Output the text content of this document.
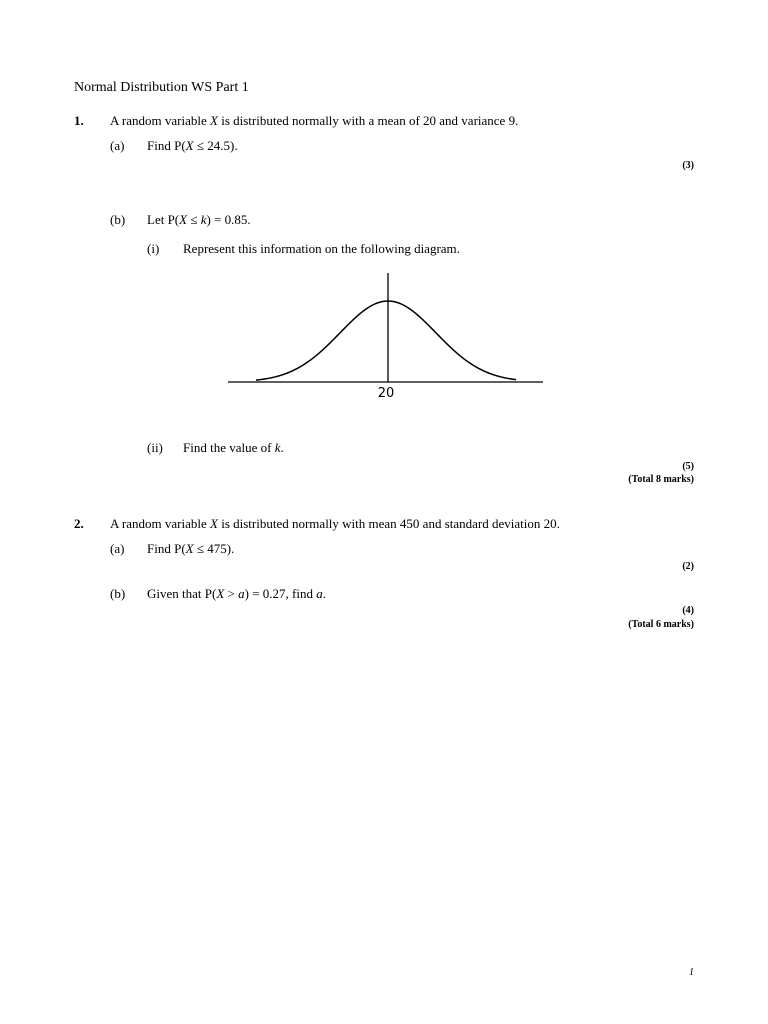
Normal Distribution WS Part 1
1. A random variable X is distributed normally with a mean of 20 and variance 9.
(a) Find P(X ≤ 24.5).
(3)
(b) Let P(X ≤ k) = 0.85.
(i) Represent this information on the following diagram.
20
(ii) Find the value of k.
(5)
(Total 8 marks)
2. A random variable X is distributed normally with mean 450 and standard deviation 20.
(a) Find P(X ≤ 475).
(2)
(b) Given that P(X > a) = 0.27, find a.
(4)
(Total 6 marks)
1
